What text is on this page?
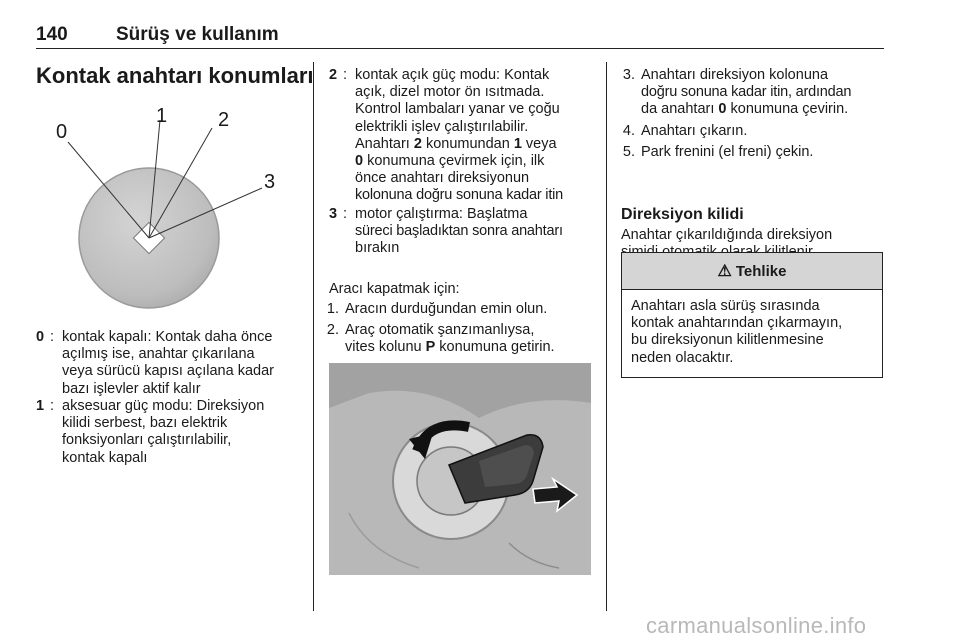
140	Sürüş ve kullanım
Kontak anahtarı konumları
0
1	2
3
0 : kontak kapalı: Kontak daha önce
açılmış ise, anahtar çıkarılana
veya sürücü kapısı açılana kadar
bazı işlevler aktif kalır
1 : aksesuar güç modu: Direksiyon
kilidi serbest, bazı elektrik
fonksiyonları çalıştırılabilir,
kontak kapalı
2 : kontak açık güç modu: Kontak
açık, dizel motor ön ısıtmada.
Kontrol lambaları yanar ve çoğu
elektrikli işlev çalıştırılabilir.
Anahtarı 2 konumundan 1 veya
0 konumuna çevirmek için, ilk
önce anahtarı direksiyonun
kolonuna doğru sonuna kadar itin
3 : motor çalıştırma: Başlatma
süreci başladıktan sonra anahtarı
bırakın
Aracı kapatmak için:
1. Aracın durduğundan emin olun.
2. Araç otomatik şanzımanlıysa,
vites kolunu P konumuna getirin.
3. Anahtarı direksiyon kolonuna
doğru sonuna kadar itin, ardından
da anahtarı 0 konumuna çevirin.
4. Anahtarı çıkarın.
5. Park frenini (el freni) çekin.
Direksiyon kilidi
Anahtar çıkarıldığında direksiyon
⚠ Tehlike
Anahtarı asla sürüş sırasında
kontak anahtarından çıkarmayın,
bu direksiyonun kilitlenmesine
neden olacaktır.
carmanualsonline.info
